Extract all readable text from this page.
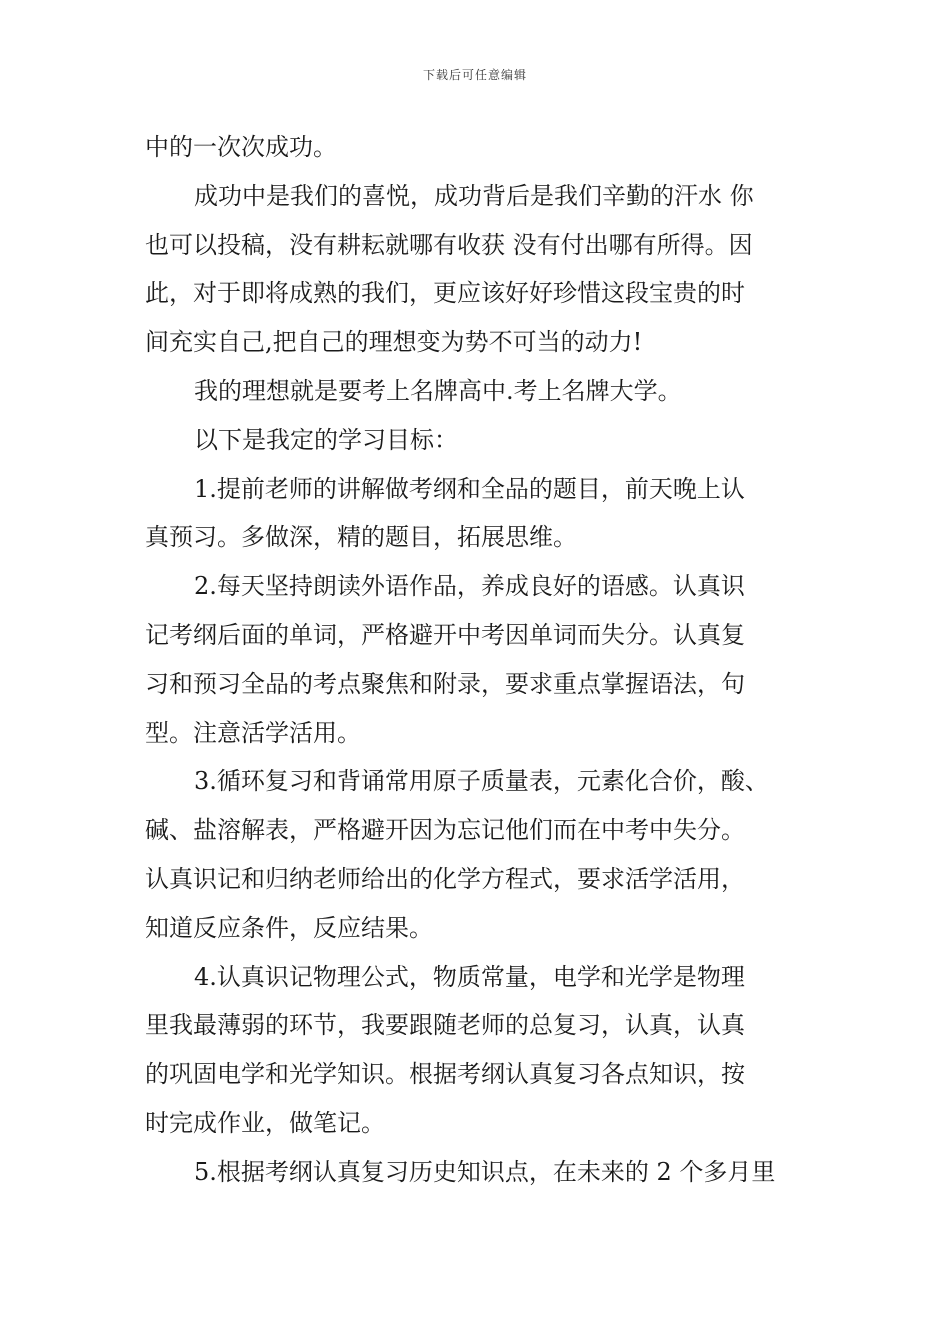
下载后可任意编辑
中的一次次成功。
成功中是我们的喜悦，成功背后是我们辛勤的汗水 你
也可以投稿，没有耕耘就哪有收获 没有付出哪有所得。因
此，对于即将成熟的我们，更应该好好珍惜这段宝贵的时
间充实自己,把自己的理想变为势不可当的动力!
我的理想就是要考上名牌高中.考上名牌大学。
以下是我定的学习目标：
1.提前老师的讲解做考纲和全品的题目，前天晚上认
真预习。多做深，精的题目，拓展思维。
2.每天坚持朗读外语作品，养成良好的语感。认真识
记考纲后面的单词，严格避开中考因单词而失分。认真复
习和预习全品的考点聚焦和附录，要求重点掌握语法，句
型。注意活学活用。
3.循环复习和背诵常用原子质量表，元素化合价，酸、
碱、盐溶解表，严格避开因为忘记他们而在中考中失分。
认真识记和归纳老师给出的化学方程式，要求活学活用，
知道反应条件，反应结果。
4.认真识记物理公式，物质常量，电学和光学是物理
里我最薄弱的环节，我要跟随老师的总复习，认真，认真
的巩固电学和光学知识。根据考纲认真复习各点知识，按
时完成作业，做笔记。
5.根据考纲认真复习历史知识点，在未来的 2 个多月里
